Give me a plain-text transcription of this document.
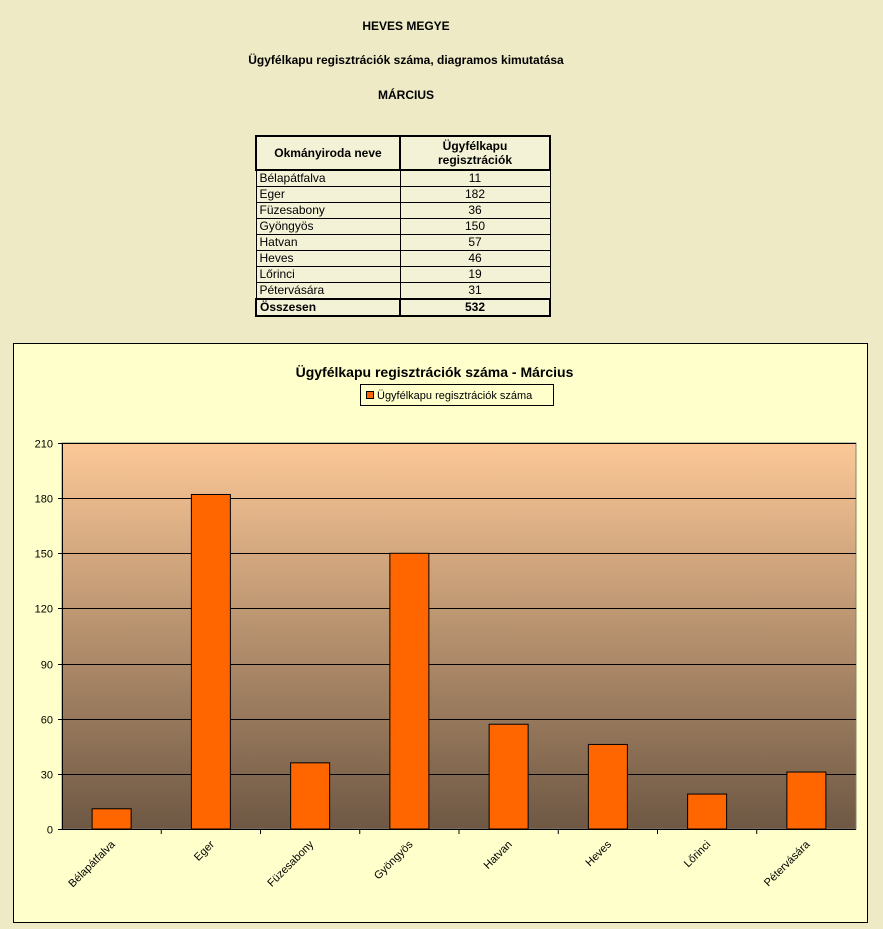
HEVES MEGYE
Ügyfélkapu regisztrációk száma, diagramos kimutatása
MÁRCIUS
Okmányiroda neve	Ügyfélkapu regisztrációk
Bélapátfalva	11
Eger	182
Füzesabony	36
Gyöngyös	150
Hatvan	57
Heves	46
Lőrinci	19
Pétervására	31
Összesen	532
Ügyfélkapu regisztrációk száma - Március
Ügyfélkapu regisztrációk száma
0
30
60
90
120
150
180
210
Bélapátfalva	Eger	Füzesabony	Gyöngyös	Hatvan	Heves	Lőrinci	Pétervására
